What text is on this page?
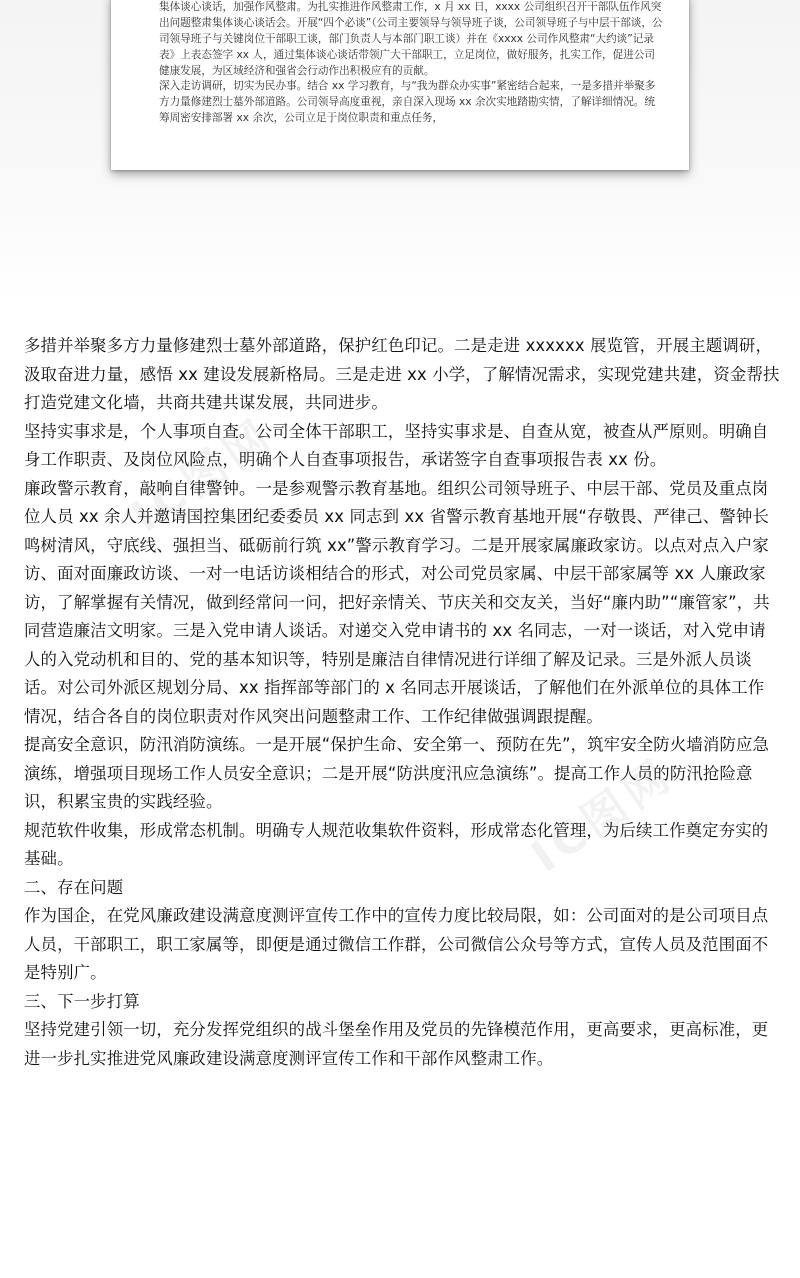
集体谈心谈话，加强作风整肃。为扎实推进作风整肃工作，x 月 xx 日，xxxx 公司组织召开干部队伍作风突出问题整肃集体谈心谈话会。开展“四个必谈”（公司主要领导与领导班子谈，公司领导班子与中层干部谈，公司领导班子与关键岗位干部职工谈，部门负责人与本部门职工谈）并在《xxxx 公司作风整肃“大约谈”记录表》上表态签字 xx 人，通过集体谈心谈话带领广大干部职工，立足岗位，做好服务，扎实工作，促进公司健康发展，为区域经济和强省会行动作出积极应有的贡献。

深入走访调研，切实为民办事。结合 xx 学习教育，与“我为群众办实事”紧密结合起来，一是多措并举聚多方力量修建烈士墓外部道路。公司领导高度重视，亲自深入现场 xx 余次实地踏勘实情，了解详细情况。统筹周密安排部署 xx 余次，公司立足于岗位职责和重点任务，

IC图网
IC图网

多措并举聚多方力量修建烈士墓外部道路，保护红色印记。二是走进 xxxxxx 展览管，开展主题调研，汲取奋进力量，感悟 xx 建设发展新格局。三是走进 xx 小学，了解情况需求，实现党建共建，资金帮扶打造党建文化墙，共商共建共谋发展，共同进步。

坚持实事求是，个人事项自查。公司全体干部职工，坚持实事求是、自查从宽，被查从严原则。明确自身工作职责、及岗位风险点，明确个人自查事项报告，承诺签字自查事项报告表 xx 份。

廉政警示教育，敲响自律警钟。一是参观警示教育基地。组织公司领导班子、中层干部、党员及重点岗位人员 xx 余人并邀请国控集团纪委委员 xx 同志到 xx 省警示教育基地开展“存敬畏、严律己、警钟长鸣树清风，守底线、强担当、砥砺前行筑 xx”警示教育学习。二是开展家属廉政家访。以点对点入户家访、面对面廉政访谈、一对一电话访谈相结合的形式，对公司党员家属、中层干部家属等 xx 人廉政家访，了解掌握有关情况，做到经常问一问，把好亲情关、节庆关和交友关，当好“廉内助”“廉管家”，共同营造廉洁文明家。三是入党申请人谈话。对递交入党申请书的 xx 名同志，一对一谈话，对入党申请人的入党动机和目的、党的基本知识等，特别是廉洁自律情况进行详细了解及记录。三是外派人员谈话。对公司外派区规划分局、xx 指挥部等部门的 x 名同志开展谈话，了解他们在外派单位的具体工作情况，结合各自的岗位职责对作风突出问题整肃工作、工作纪律做强调跟提醒。

提高安全意识，防汛消防演练。一是开展“保护生命、安全第一、预防在先”，筑牢安全防火墙消防应急演练，增强项目现场工作人员安全意识；二是开展“防洪度汛应急演练”。提高工作人员的防汛抢险意识，积累宝贵的实践经验。

规范软件收集，形成常态机制。明确专人规范收集软件资料，形成常态化管理，为后续工作奠定夯实的基础。

二、存在问题

作为国企，在党风廉政建设满意度测评宣传工作中的宣传力度比较局限，如：公司面对的是公司项目点人员，干部职工，职工家属等，即便是通过微信工作群，公司微信公众号等方式，宣传人员及范围面不是特别广。

三、下一步打算

坚持党建引领一切，充分发挥党组织的战斗堡垒作用及党员的先锋模范作用，更高要求，更高标准，更进一步扎实推进党风廉政建设满意度测评宣传工作和干部作风整肃工作。
